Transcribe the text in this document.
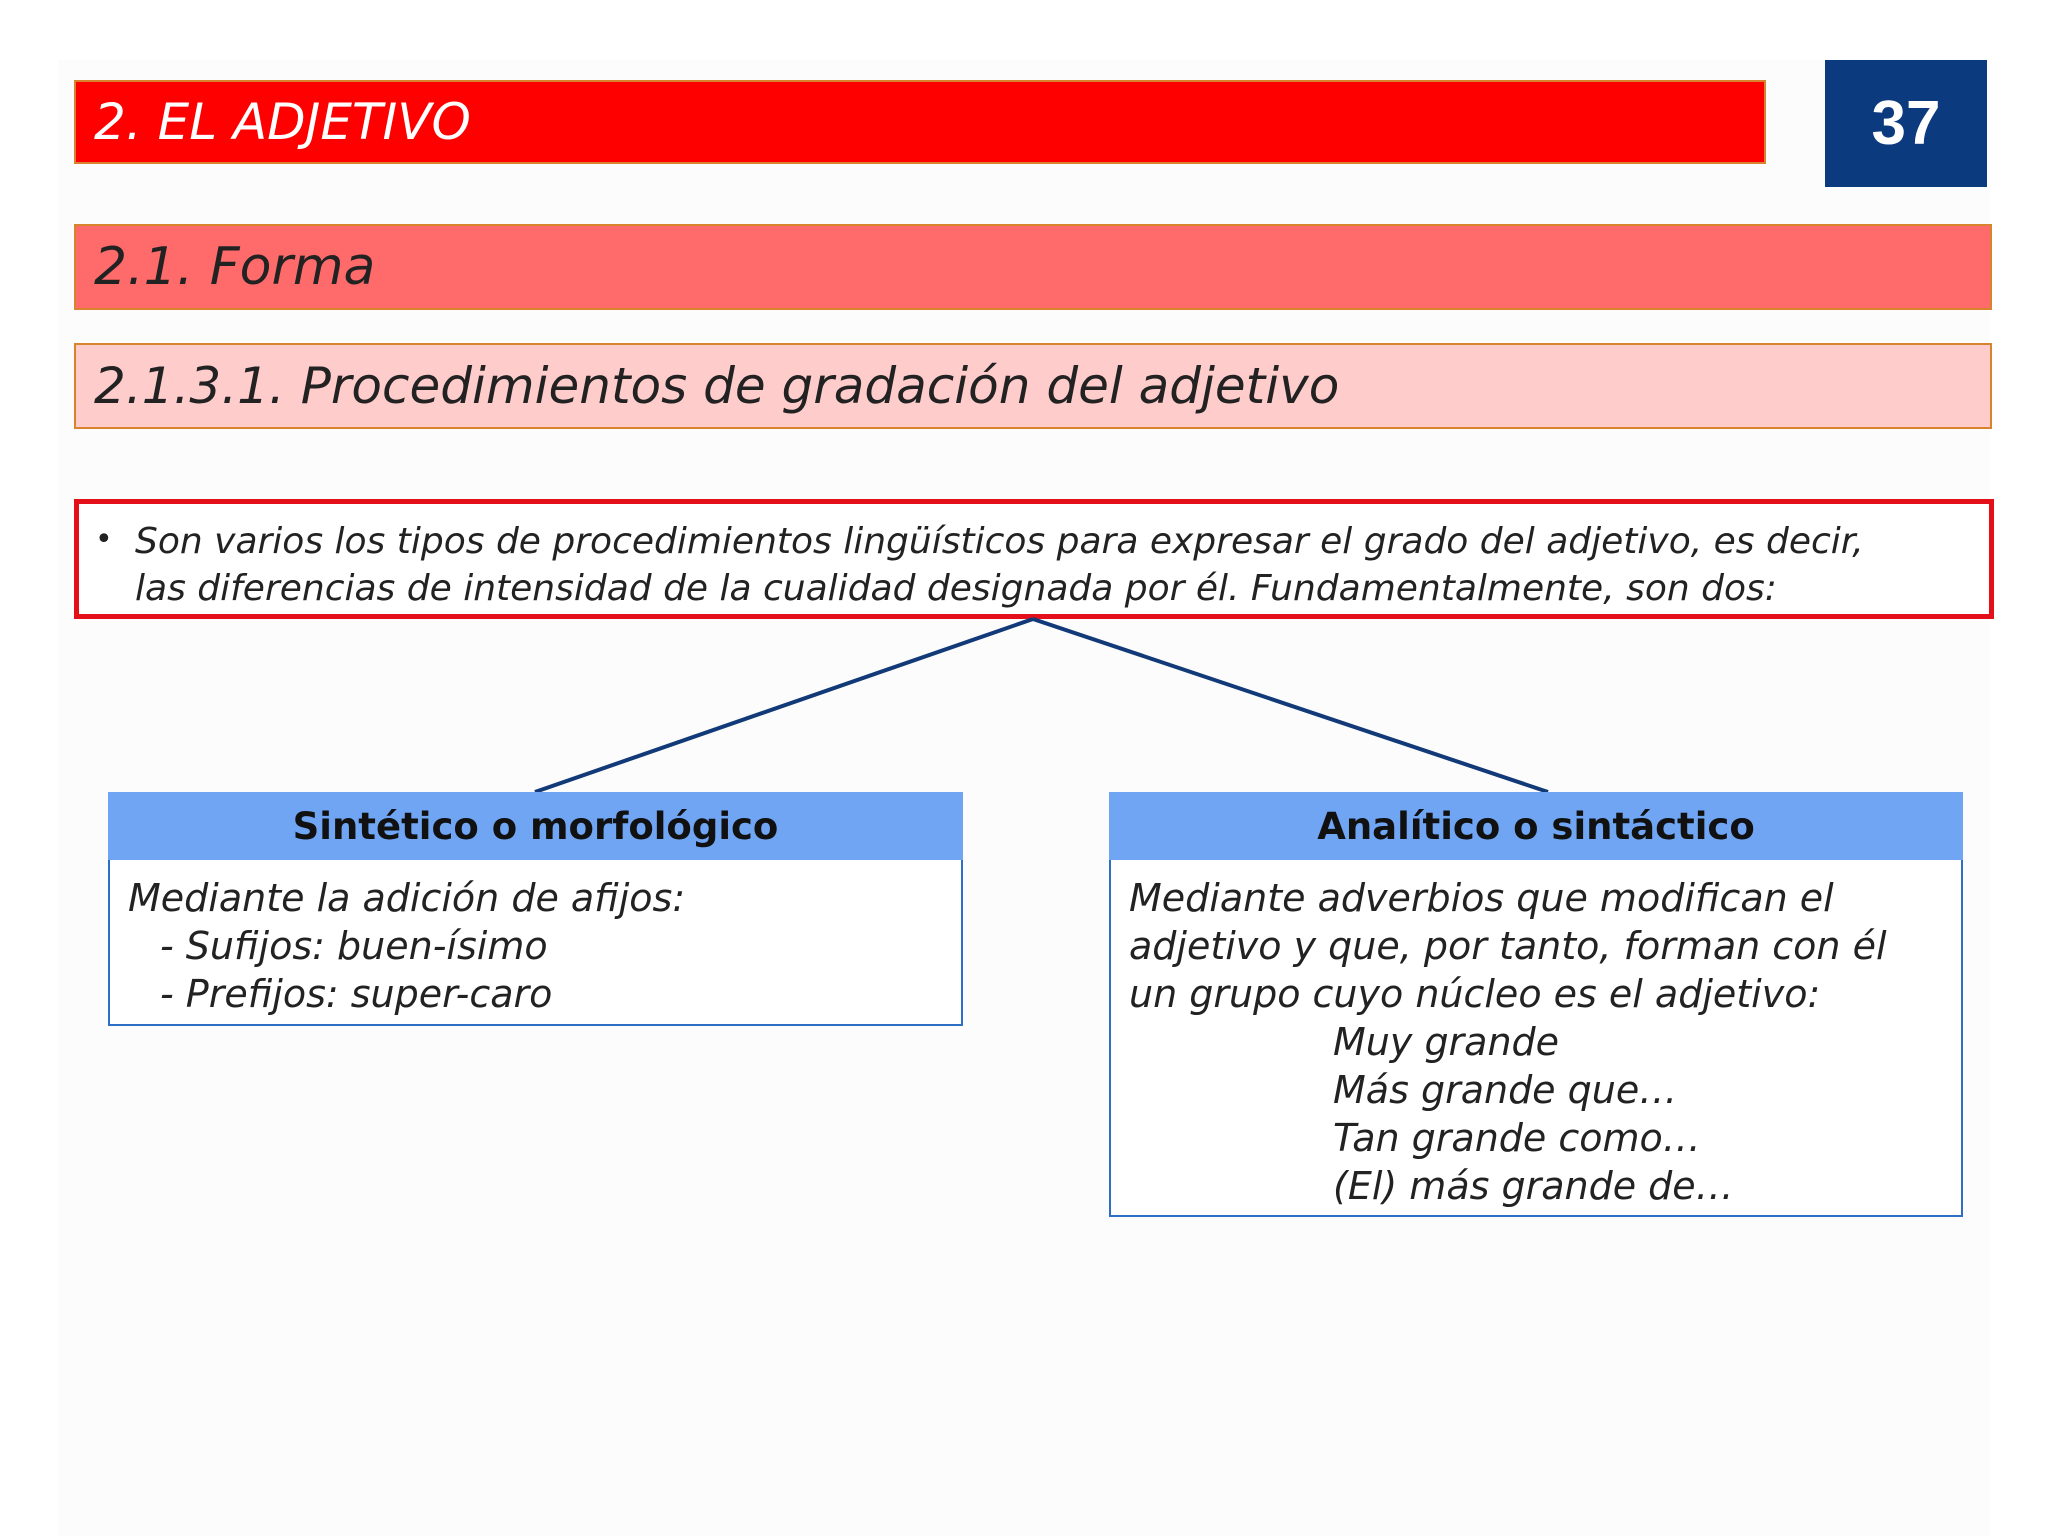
2. EL ADJETIVO	37
2.1. Forma
2.1.3.1. Procedimientos de gradación del adjetivo
• Son varios los tipos de procedimientos lingüísticos para expresar el grado del adjetivo, es decir,
las diferencias de intensidad de la cualidad designada por él. Fundamentalmente, son dos:
Sintético o morfológico
Mediante la adición de afijos:
- Sufijos: buen-ísimo
- Prefijos: super-caro
Analítico o sintáctico
Mediante adverbios que modifican el
adjetivo y que, por tanto, forman con él
un grupo cuyo núcleo es el adjetivo:
Muy grande
Más grande que…
Tan grande como…
(El) más grande de…
